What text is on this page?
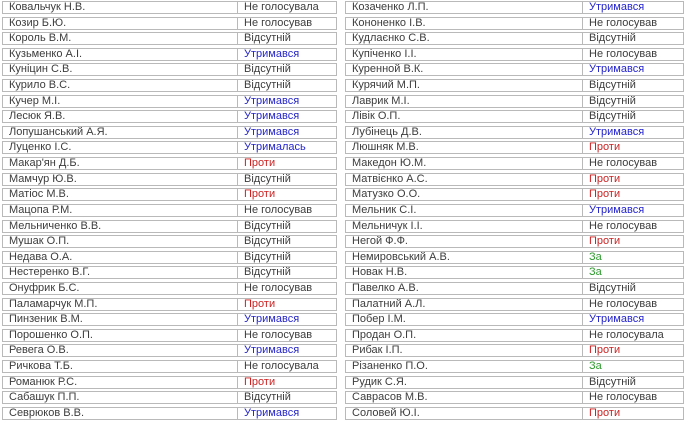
Ковальчук Н.В.	Не голосувала
Козир Б.Ю.	Не голосував
Король В.М.	Відсутній
Кузьменко А.І.	Утримався
Куніцин С.В.	Відсутній
Курило В.С.	Відсутній
Кучер М.І.	Утримався
Лесюк Я.В.	Утримався
Лопушанський А.Я.	Утримався
Луценко І.С.	Утрималась
Макар'ян Д.Б.	Проти
Мамчур Ю.В.	Відсутній
Матіос М.В.	Проти
Мацопа Р.М.	Не голосував
Мельниченко В.В.	Відсутній
Мушак О.П.	Відсутній
Недава О.А.	Відсутній
Нестеренко В.Г.	Відсутній
Онуфрик Б.С.	Не голосував
Паламарчук М.П.	Проти
Пинзеник В.М.	Утримався
Порошенко О.П.	Не голосував
Ревега О.В.	Утримався
Ричкова Т.Б.	Не голосувала
Романюк Р.С.	Проти
Сабашук П.П.	Відсутній
Севрюков В.В.	Утримався
Козаченко Л.П.	Утримався
Кононенко І.В.	Не голосував
Кудлаєнко С.В.	Відсутній
Купіченко І.І.	Не голосував
Куренной В.К.	Утримався
Курячий М.П.	Відсутній
Лаврик М.І.	Відсутній
Лівік О.П.	Відсутній
Лубінець Д.В.	Утримався
Люшняк М.В.	Проти
Македон Ю.М.	Не голосував
Матвієнко А.С.	Проти
Матузко О.О.	Проти
Мельник С.І.	Утримався
Мельничук І.І.	Не голосував
Негой Ф.Ф.	Проти
Немировський А.В.	За
Новак Н.В.	За
Павелко А.В.	Відсутній
Палатний А.Л.	Не голосував
Побер І.М.	Утримався
Продан О.П.	Не голосувала
Рибак І.П.	Проти
Різаненко П.О.	За
Рудик С.Я.	Відсутній
Саврасов М.В.	Не голосував
Соловей Ю.І.	Проти
